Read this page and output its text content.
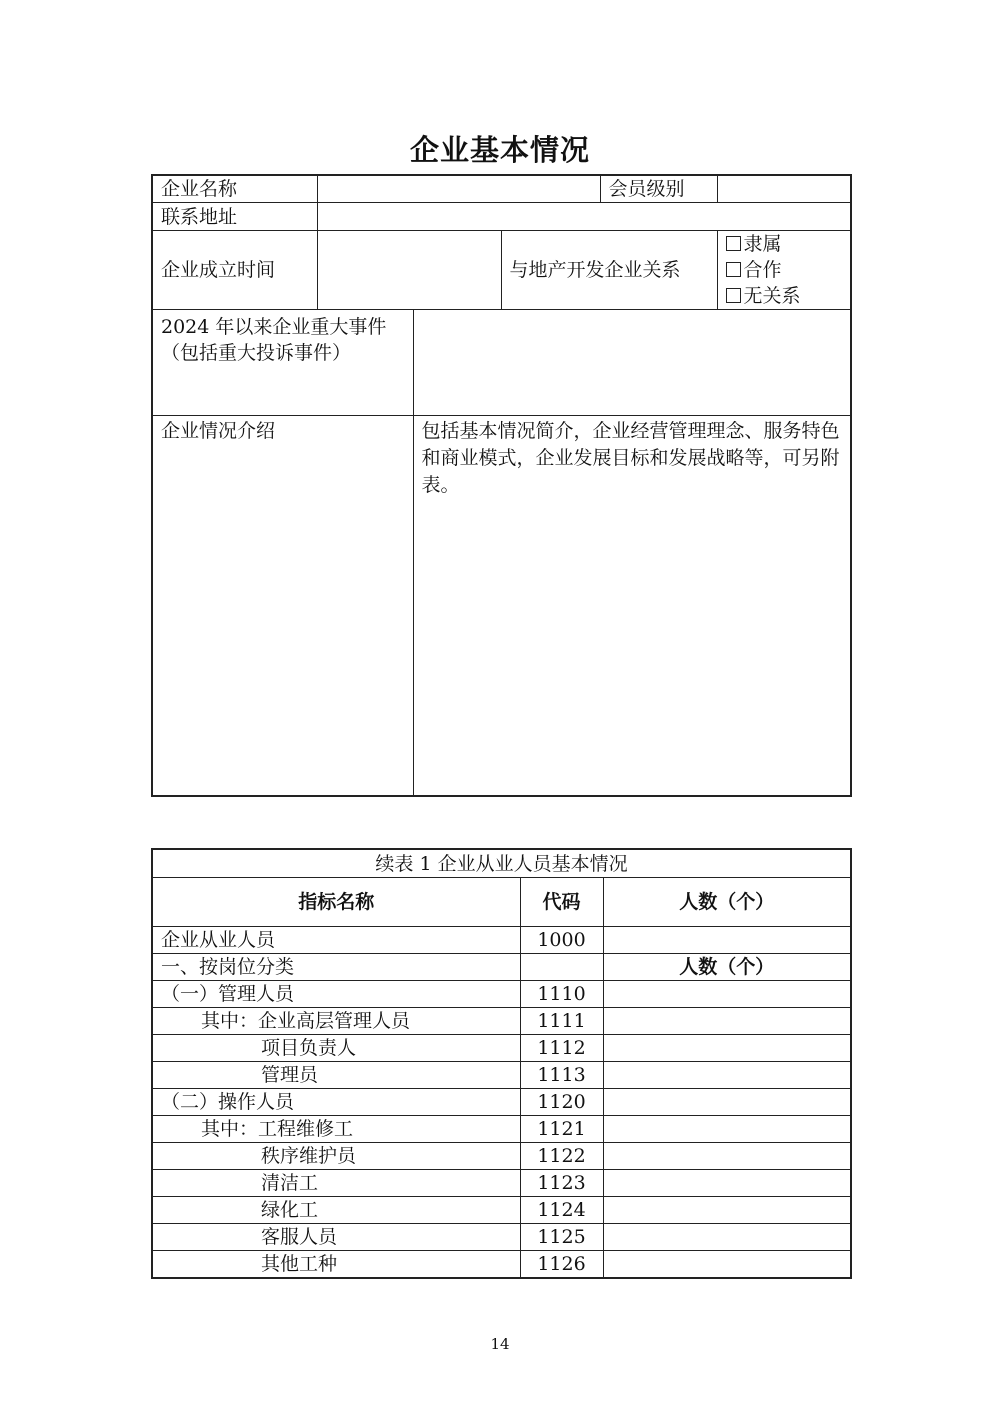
企业基本情况
企业名称				会员级别	
联系地址					
企业成立时间			与地产开发企业关系		隶属
合作
无关系

2024 年以来企业重大事件（包括重大投诉事件）					
企业情况介绍		包括基本情况简介，企业经营管理理念、服务特色和商业模式，企业发展目标和发展战略等，可另附表。			
续表 1 企业从业人员基本情况		
指标名称	代码	人数（个）
企业从业人员	1000	
一、按岗位分类		人数（个）
（一）管理人员	1110	
其中：企业高层管理人员	1111	
项目负责人	1112	
管理员	1113	
（二）操作人员	1120	
其中：工程维修工	1121	
秩序维护员	1122	
清洁工	1123	
绿化工	1124	
客服人员	1125	
其他工种	1126	
14
